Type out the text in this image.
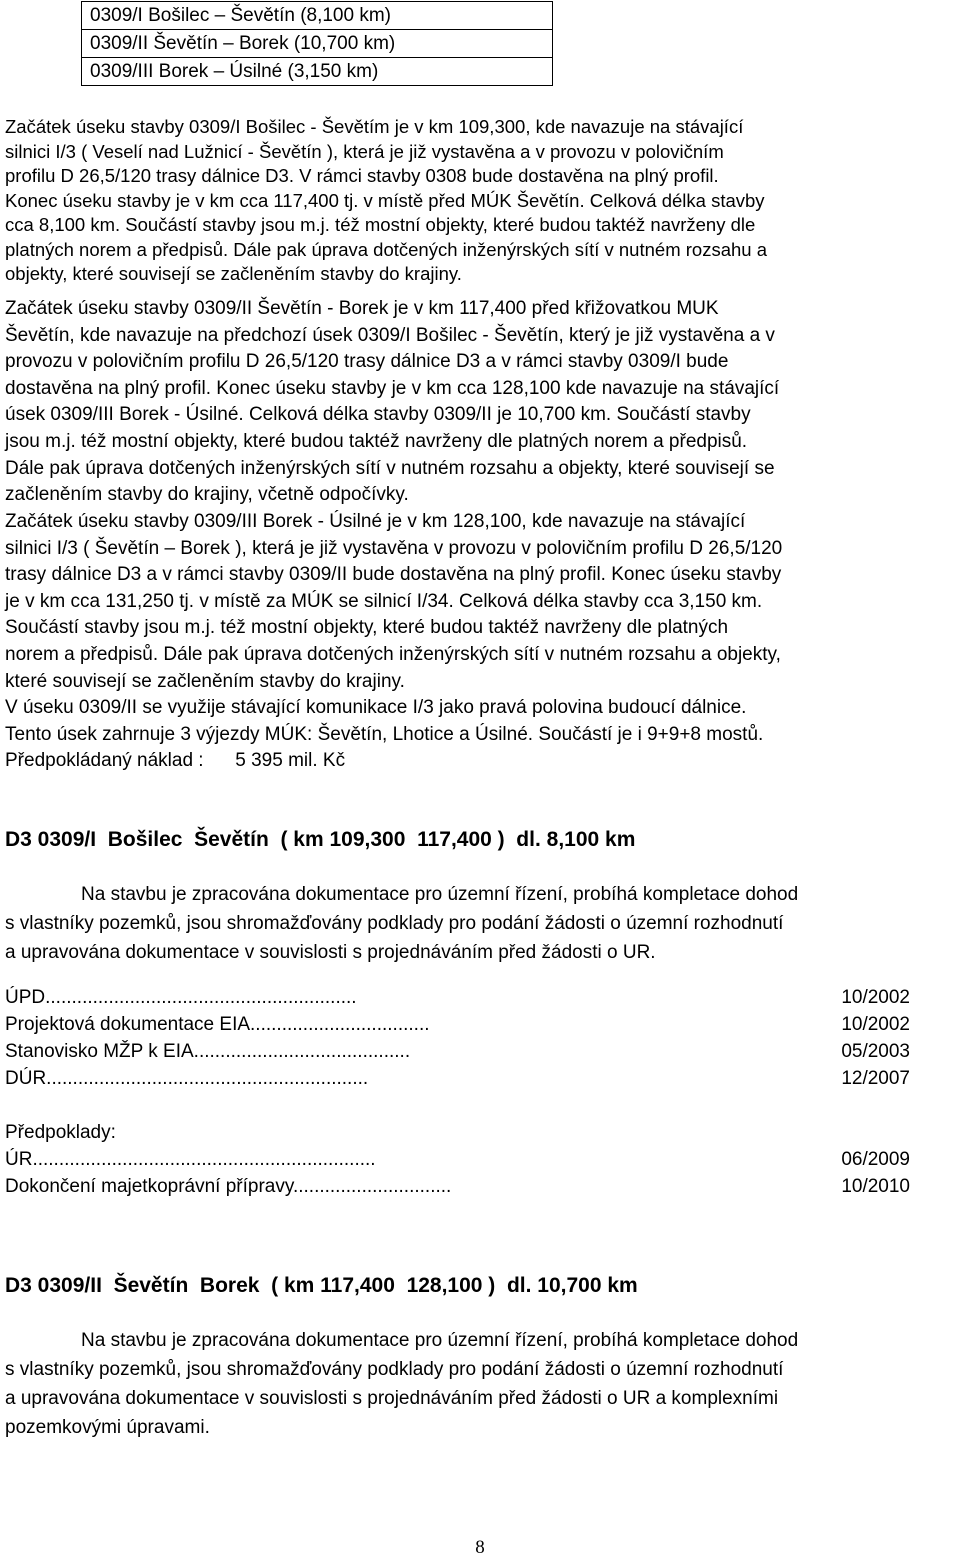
0309/I Bošilec – Ševětín (8,100 km)
0309/II Ševětín – Borek (10,700 km)
0309/III Borek – Úsilné (3,150 km)
Začátek úseku stavby 0309/I Bošilec - Ševětím je v km 109,300, kde navazuje na stávající
silnici I/3 ( Veselí nad Lužnicí - Ševětín ), která je již vystavěna a v provozu v polovičním
profilu D 26,5/120 trasy dálnice D3. V rámci stavby 0308 bude dostavěna na plný profil.
Konec úseku stavby je v km cca 117,400 tj. v místě před MÚK Ševětín. Celková délka stavby
cca 8,100 km. Součástí stavby jsou m.j. též mostní objekty, které budou taktéž navrženy dle
platných norem a předpisů. Dále pak úprava dotčených inženýrských sítí v nutném rozsahu a
objekty, které souvisejí se začleněním stavby do krajiny.
Začátek úseku stavby 0309/II Ševětín - Borek je v km 117,400 před křižovatkou MUK
Ševětín, kde navazuje na předchozí úsek 0309/I Bošilec - Ševětín, který je již vystavěna a v
provozu v polovičním profilu D 26,5/120 trasy dálnice D3 a v rámci stavby 0309/I bude
dostavěna na plný profil. Konec úseku stavby je v km cca 128,100 kde navazuje na stávající
úsek 0309/III Borek - Úsilné. Celková délka stavby 0309/II je 10,700 km. Součástí stavby
jsou m.j. též mostní objekty, které budou taktéž navrženy dle platných norem a předpisů.
Dále pak úprava dotčených inženýrských sítí v nutném rozsahu a objekty, které souvisejí se
začleněním stavby do krajiny, včetně odpočívky.
Začátek úseku stavby 0309/III Borek - Úsilné je v km 128,100, kde navazuje na stávající
silnici I/3 ( Ševětín – Borek ), která je již vystavěna v provozu v polovičním profilu D 26,5/120
trasy dálnice D3 a v rámci stavby 0309/II bude dostavěna na plný profil. Konec úseku stavby
je v km cca 131,250 tj. v místě za MÚK se silnicí I/34. Celková délka stavby cca 3,150 km.
Součástí stavby jsou m.j. též mostní objekty, které budou taktéž navrženy dle platných
norem a předpisů. Dále pak úprava dotčených inženýrských sítí v nutném rozsahu a objekty,
které souvisejí se začleněním stavby do krajiny.
V úseku 0309/II se využije stávající komunikace I/3 jako pravá polovina budoucí dálnice.
Tento úsek zahrnuje 3 výjezdy MÚK: Ševětín, Lhotice a Úsilné. Součástí je i 9+9+8 mostů.
Předpokládaný náklad :      5 395 mil. Kč
D3 0309/I  Bošilec  Ševětín  ( km 109,300  117,400 )  dl. 8,100 km
Na stavbu je zpracována dokumentace pro územní řízení, probíhá kompletace dohod
s vlastníky pozemků, jsou shromažďovány podklady pro podání žádosti o územní rozhodnutí
a upravována dokumentace v souvislosti s projednáváním před žádosti o UR.
ÚPD...........................................................	10/2002
Projektová dokumentace EIA..................................	10/2002
Stanovisko MŽP k EIA.........................................	05/2003
DÚR.............................................................	12/2007
Předpoklady:
ÚR.................................................................	06/2009
Dokončení majetkoprávní přípravy..............................	10/2010
D3 0309/II  Ševětín  Borek  ( km 117,400  128,100 )  dl. 10,700 km
Na stavbu je zpracována dokumentace pro územní řízení, probíhá kompletace dohod
s vlastníky pozemků, jsou shromažďovány podklady pro podání žádosti o územní rozhodnutí
a upravována dokumentace v souvislosti s projednáváním před žádosti o UR a komplexními
pozemkovými úpravami.
8
